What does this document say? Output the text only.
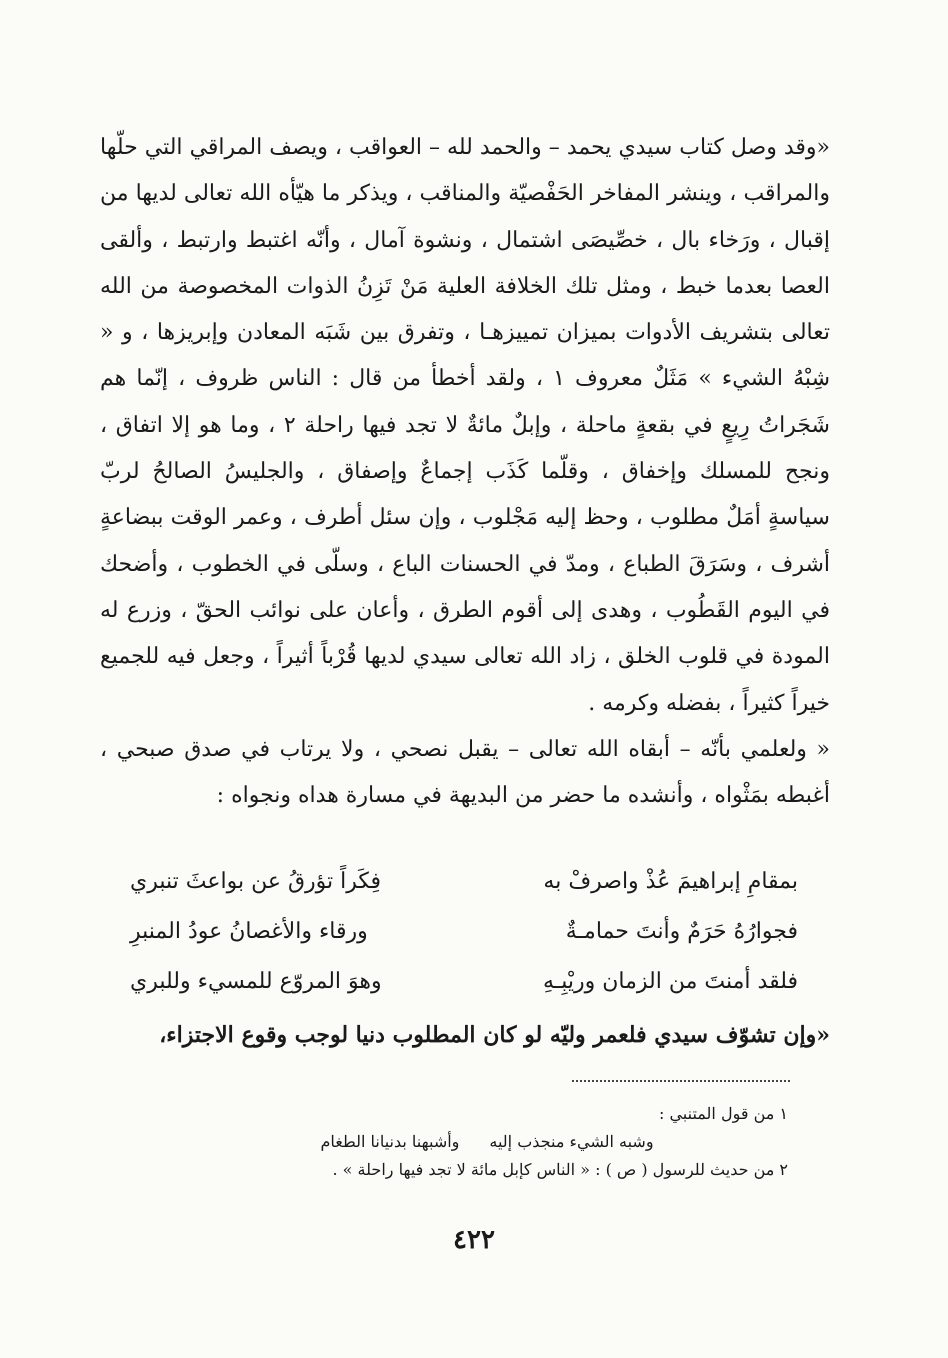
«وقد وصل كتاب سيدي يحمد – والحمد لله – العواقب ، ويصف المراقي التي حلّها والمراقب ، وينشر المفاخر الحَفْصيّة والمناقب ، ويذكر ما هيّأه الله تعالى لديها من إقبال ، ورَخاء بال ، خصِّيصَى اشتمال ، ونشوة آمال ، وأنّه اغتبط وارتبط ، وألقى العصا بعدما خبط ، ومثل تلك الخلافة العلية مَنْ تَزِنُ الذوات المخصوصة من الله تعالى بتشريف الأدوات بميزان تمييزهـا ، وتفرق بين شَبَه المعادن وإبريزها ، و « شِبْهُ الشيء » مَثَلٌ معروف ١ ، ولقد أخطأ من قال : الناس ظروف ، إنّما هم شَجَراتُ رِيعٍ في بقعةٍ ماحلة ، وإبلٌ مائةٌ لا تجد فيها راحلة ٢ ، وما هو إلا اتفاق ، ونجح للمسلك وإخفاق ، وقلّما كَذَب إجماعٌ وإصفاق ، والجليسُ الصالحُ لربّ سياسةٍ أمَلٌ مطلوب ، وحظ إليه مَجْلوب ، وإن سئل أطرف ، وعمر الوقت ببضاعةٍ أشرف ، وسَرَقَ الطباع ، ومدّ في الحسنات الباع ، وسلّى في الخطوب ، وأضحك في اليوم القَطُوب ، وهدى إلى أقوم الطرق ، وأعان على نوائب الحقّ ، وزرع له المودة في قلوب الخلق ، زاد الله تعالى سيدي لديها قُرْباً أثيراً ، وجعل فيه للجميع خيراً كثيراً ، بفضله وكرمه .

« ولعلمي بأنّه – أبقاه الله تعالى – يقبل نصحي ، ولا يرتاب في صدق صبحي ، أغبطه بمَثْواه ، وأنشده ما حضر من البديهة في مسارة هداه ونجواه :

بمقامِ إبراهيمَ عُذْ واصرفْ به
فِكَراً تؤرقُ عن بواعثَ تنبري
فجوارُهُ حَرَمٌ وأنتَ حمامـةٌ
ورقاء والأغصانُ عودُ المنبرِ
فلقد أمنتَ من الزمان وريْبِـهِ
وهوَ المروّع للمسيء وللبري
«وإن تشوّف سيدي فلعمر وليّه لو كان المطلوب دنيا لوجب وقوع الاجتزاء،
١ من قول المتنبي :
وشبه الشيء منجذب إليه
وأشبهنا بدنيانا الطغام
٢ من حديث للرسول ( ص ) : « الناس كإبل مائة لا تجد فيها راحلة » .
٤٢٢
